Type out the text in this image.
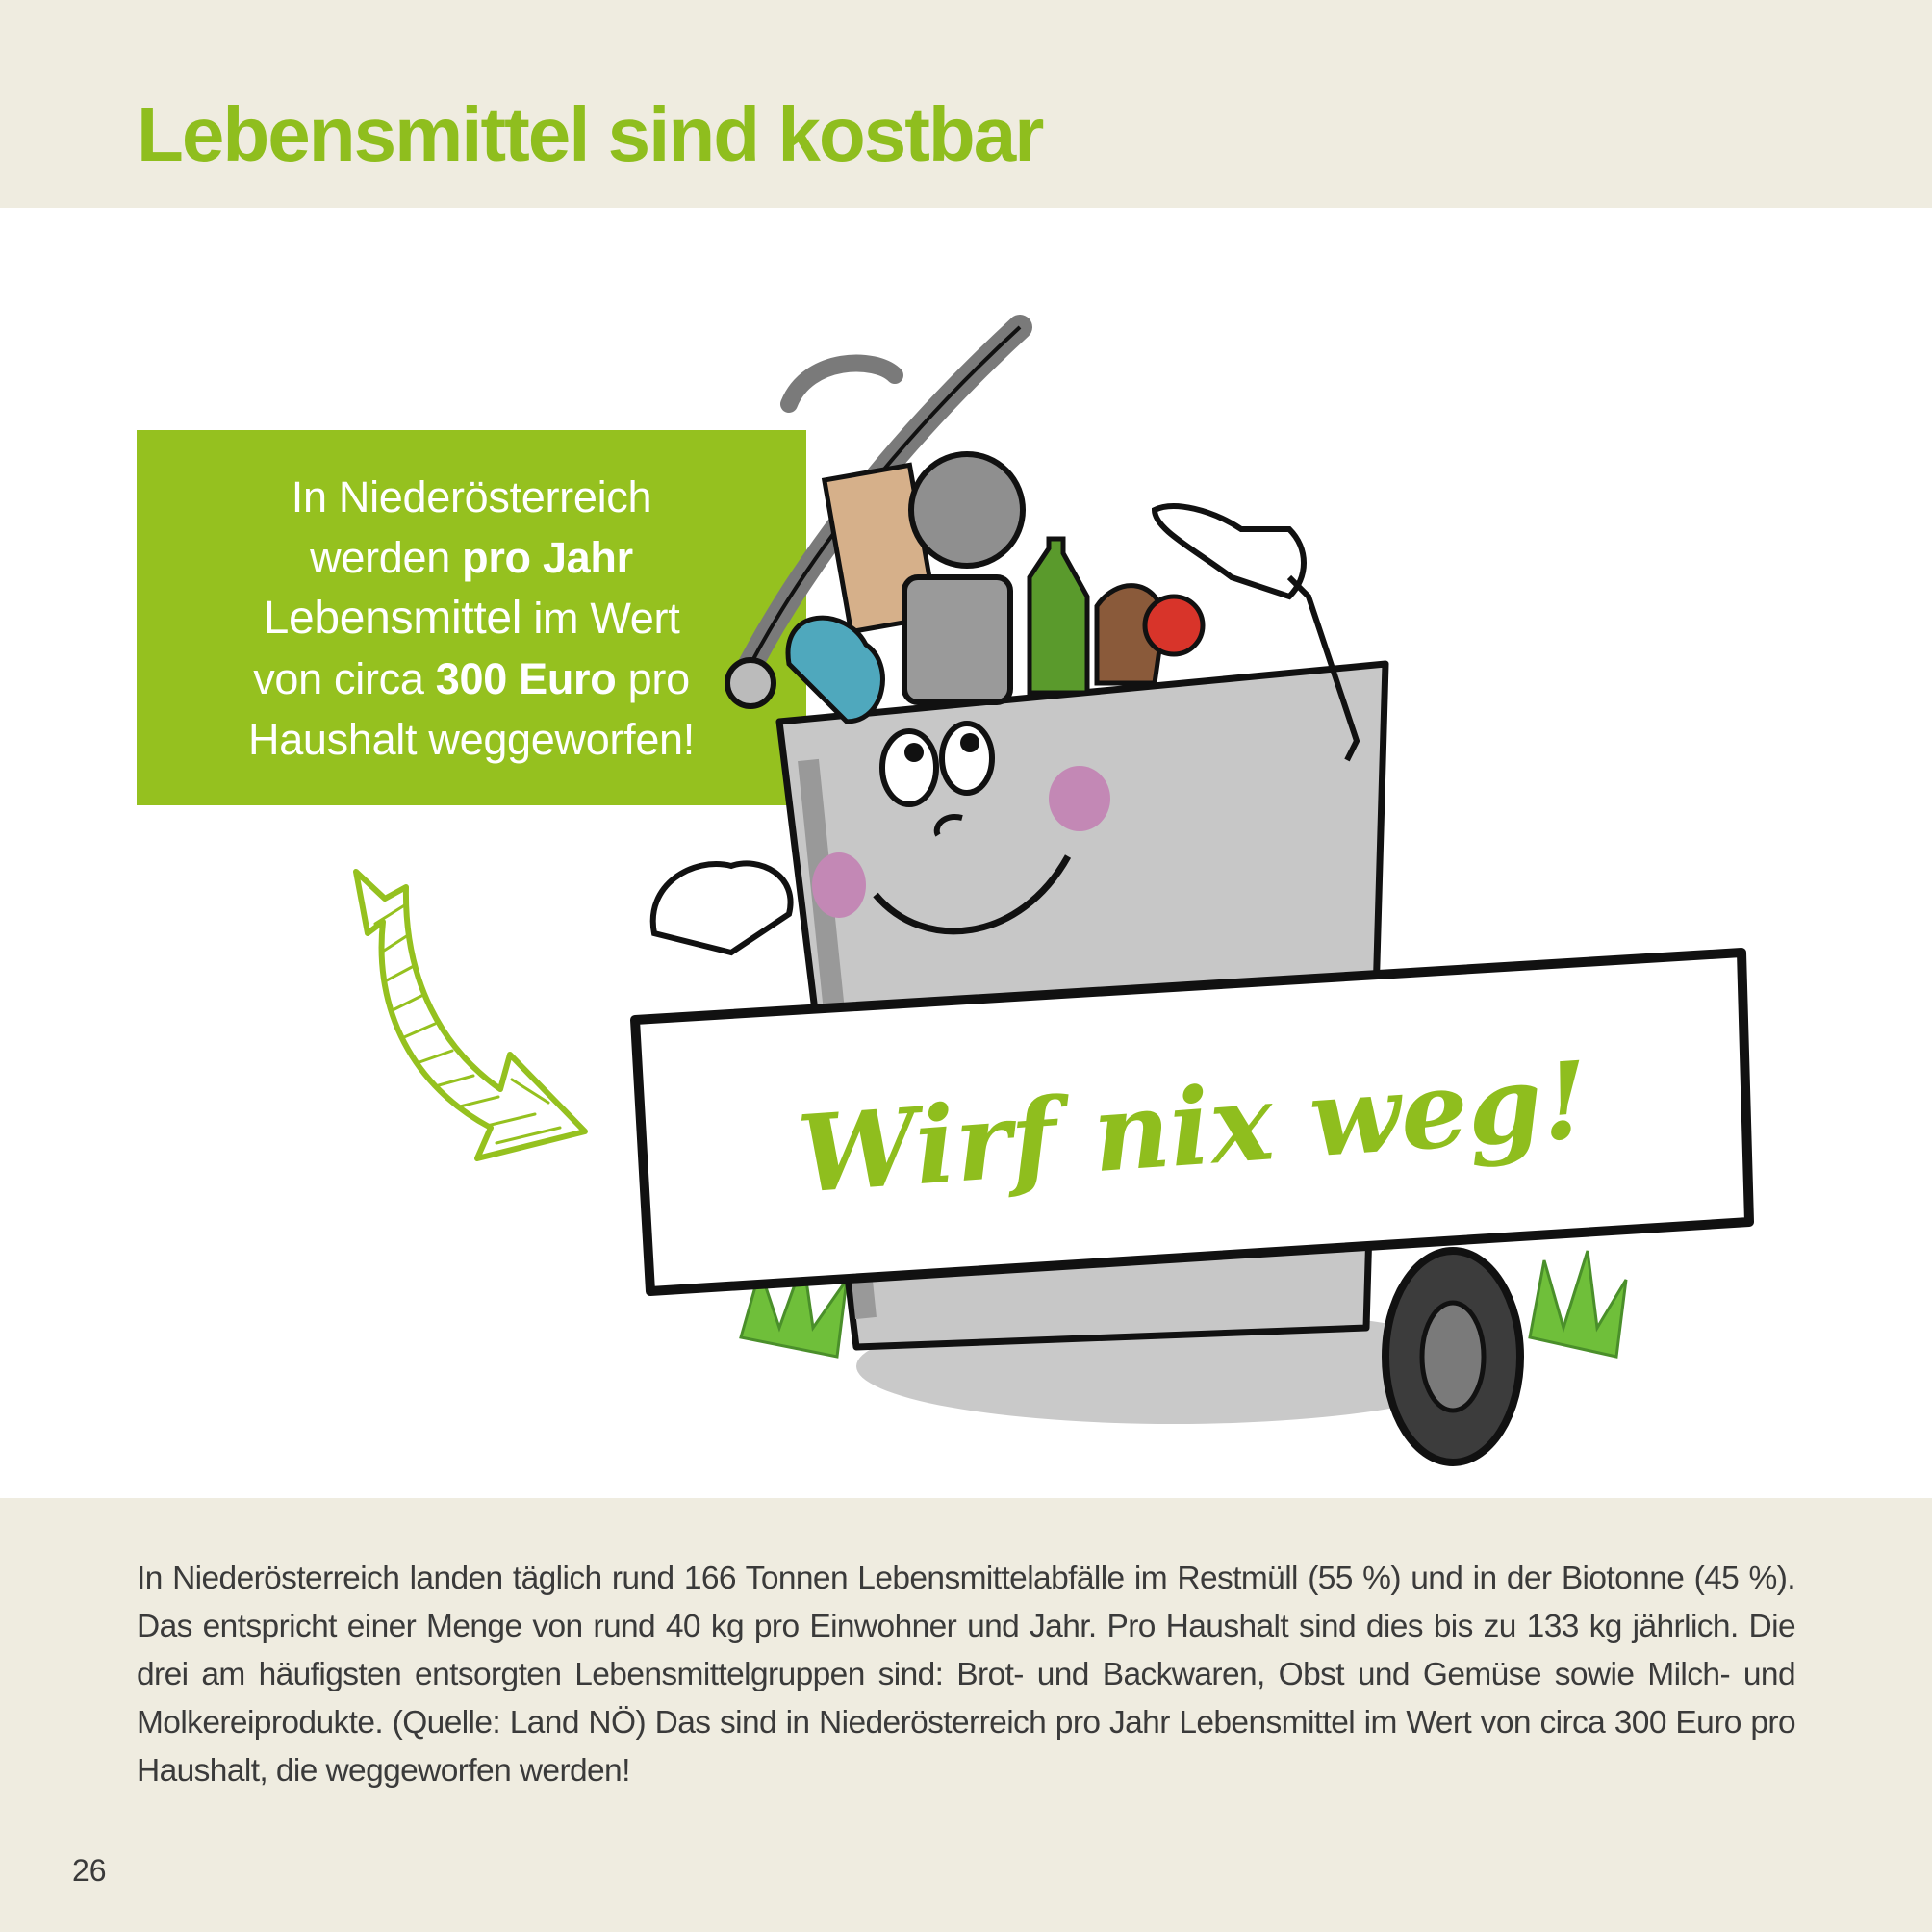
Lebensmittel sind kostbar
In Niederösterreich
werden pro Jahr
Lebensmittel im Wert
von circa 300 Euro pro
Haushalt weggeworfen!
Wirf nix weg!

In Niederösterreich landen täglich rund 166 Tonnen Lebensmittelabfälle im Restmüll (55 %) und in der Biotonne (45 %). Das entspricht einer Menge von rund 40 kg pro Einwohner und Jahr. Pro Haushalt sind dies bis zu 133 kg jährlich. Die drei am häufigsten entsorgten Lebensmittelgruppen sind: Brot- und Backwaren, Obst und Gemüse sowie Milch- und Molkereiprodukte. (Quelle: Land NÖ) Das sind in Niederösterreich pro Jahr Lebensmittel im Wert von circa 300 Euro pro Haushalt, die weggeworfen werden!

26
